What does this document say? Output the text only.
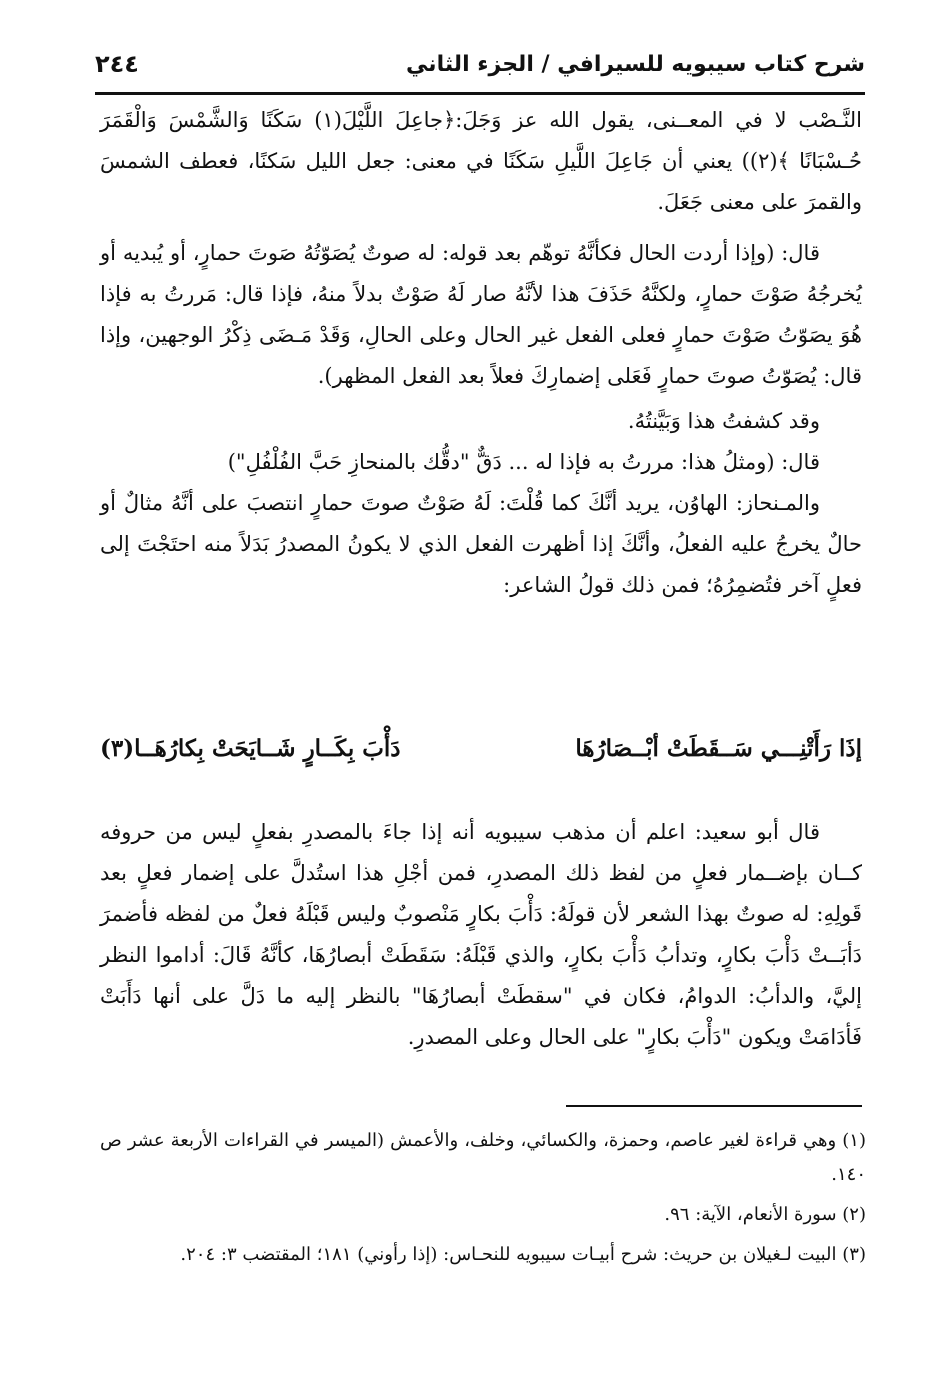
شرح كتاب سيبويه للسيرافي / الجزء الثاني
٢٤٤

النَّـصْب لا في المعــنى، يقول الله عز وَجَلَ:﴿جاعِلَ اللَّيْلَ(١) سَكَنًا وَالشَّمْسَ وَالْقَمَرَ حُـسْبَانًا ﴾(٢)) يعني أن جَاعِلَ اللَّيلِ سَكَنًا في معنى: جعل الليل سَكنًا، فعطف الشمسَ والقمرَ على معنى جَعَلَ.

قال: (وإذا أردت الحال فكأنَّهُ توهّم بعد قوله: له صوتٌ يُصَوّتُهُ صَوتَ حمارٍ، أو يُبديه أو يُخرجُهُ صَوْتَ حمارٍ، ولكنَّهُ حَذَفَ هذا لأنَّهُ صار لَهُ صَوْتٌ بدلاً منهُ، فإذا قال: مَررتُ به فإذا هُوَ يصَوّتُ صَوْتَ حمارٍ فعلى الفعل غير الحال وعلى الحالِ، وَقَدْ مَـضَى ذِكْرُ الوجهين، وإذا قال: يُصَوّتُ صوتَ حمارٍ فَعَلى إضمارِكَ فعلاً بعد الفعل المظهر).

وقد كشفتُ هذا وَبَيَّنتُهُ.

قال: (ومثلُ هذا: مررتُ به فإذا له ... دَقٌّ "دقُّك بالمنحازِ حَبَّ الفُلْفُلِ")

والمـنحاز: الهاوُن، يريد أنَّكَ كما قُلْتَ: لَهُ صَوْتٌ صوتَ حمارٍ انتصبَ على أنَّهُ مثالٌ أو حالٌ يخرجُ عليه الفعلُ، وأنَّكَ إذا أظهرت الفعل الذي لا يكونُ المصدرُ بَدَلاً منه احتَجْتَ إلى فعلٍ آخر فتُضمِرُهُ؛ فمن ذلك قولُ الشاعر:

إذَا رَأَتْنِـــي سَــقَطَتْ أبْــصَارُهَا
دَأْبَ بِكَــارٍ شَــايَحَتْ بِكارُهَــا(٣)

قال أبو سعيد: اعلم أن مذهب سيبويه أنه إذا جاءَ بالمصدرِ بفعلٍ ليس من حروفه كــان بإضــمار فعلٍ من لفظ ذلك المصدرِ، فمن أجْلِ هذا استُدلَّ على إضمار فعلٍ بعد قَولِهِ: له صوتٌ بهذا الشعر لأن قولَهُ: دَأْبَ بكارٍ مَنْصوبٌ وليس قَبْلَهُ فعلٌ من لفظه فأضمرَ دَأبَــتْ دَأْبَ بكارٍ، وتدأبُ دَأْبَ بكارٍ، والذي قَبْلَهُ: سَقَطَتْ أبصارُهَا، كأنَّهُ قَالَ: أداموا النظر إليَّ، والدأبُ: الدوامُ، فكان في "سقطَتْ أبصارُهَا" بالنظر إليه ما دَلَّ على أنها دَأَبَتْ فَأدَامَتْ ويكون "دَأْبَ بكارٍ" على الحال وعلى المصدرِ.

(١) وهي قراءة لغير عاصم، وحمزة، والكسائي، وخلف، والأعمش (الميسر في القراءات الأربعة عشر ص ١٤٠.

(٢) سورة الأنعام، الآية: ٩٦.

(٣) البيت لـغيلان بن حريث: شرح أبيـات سيبويه للنحـاس: (إذا رأوني) ١٨١؛ المقتضب ٣: ٢٠٤.
